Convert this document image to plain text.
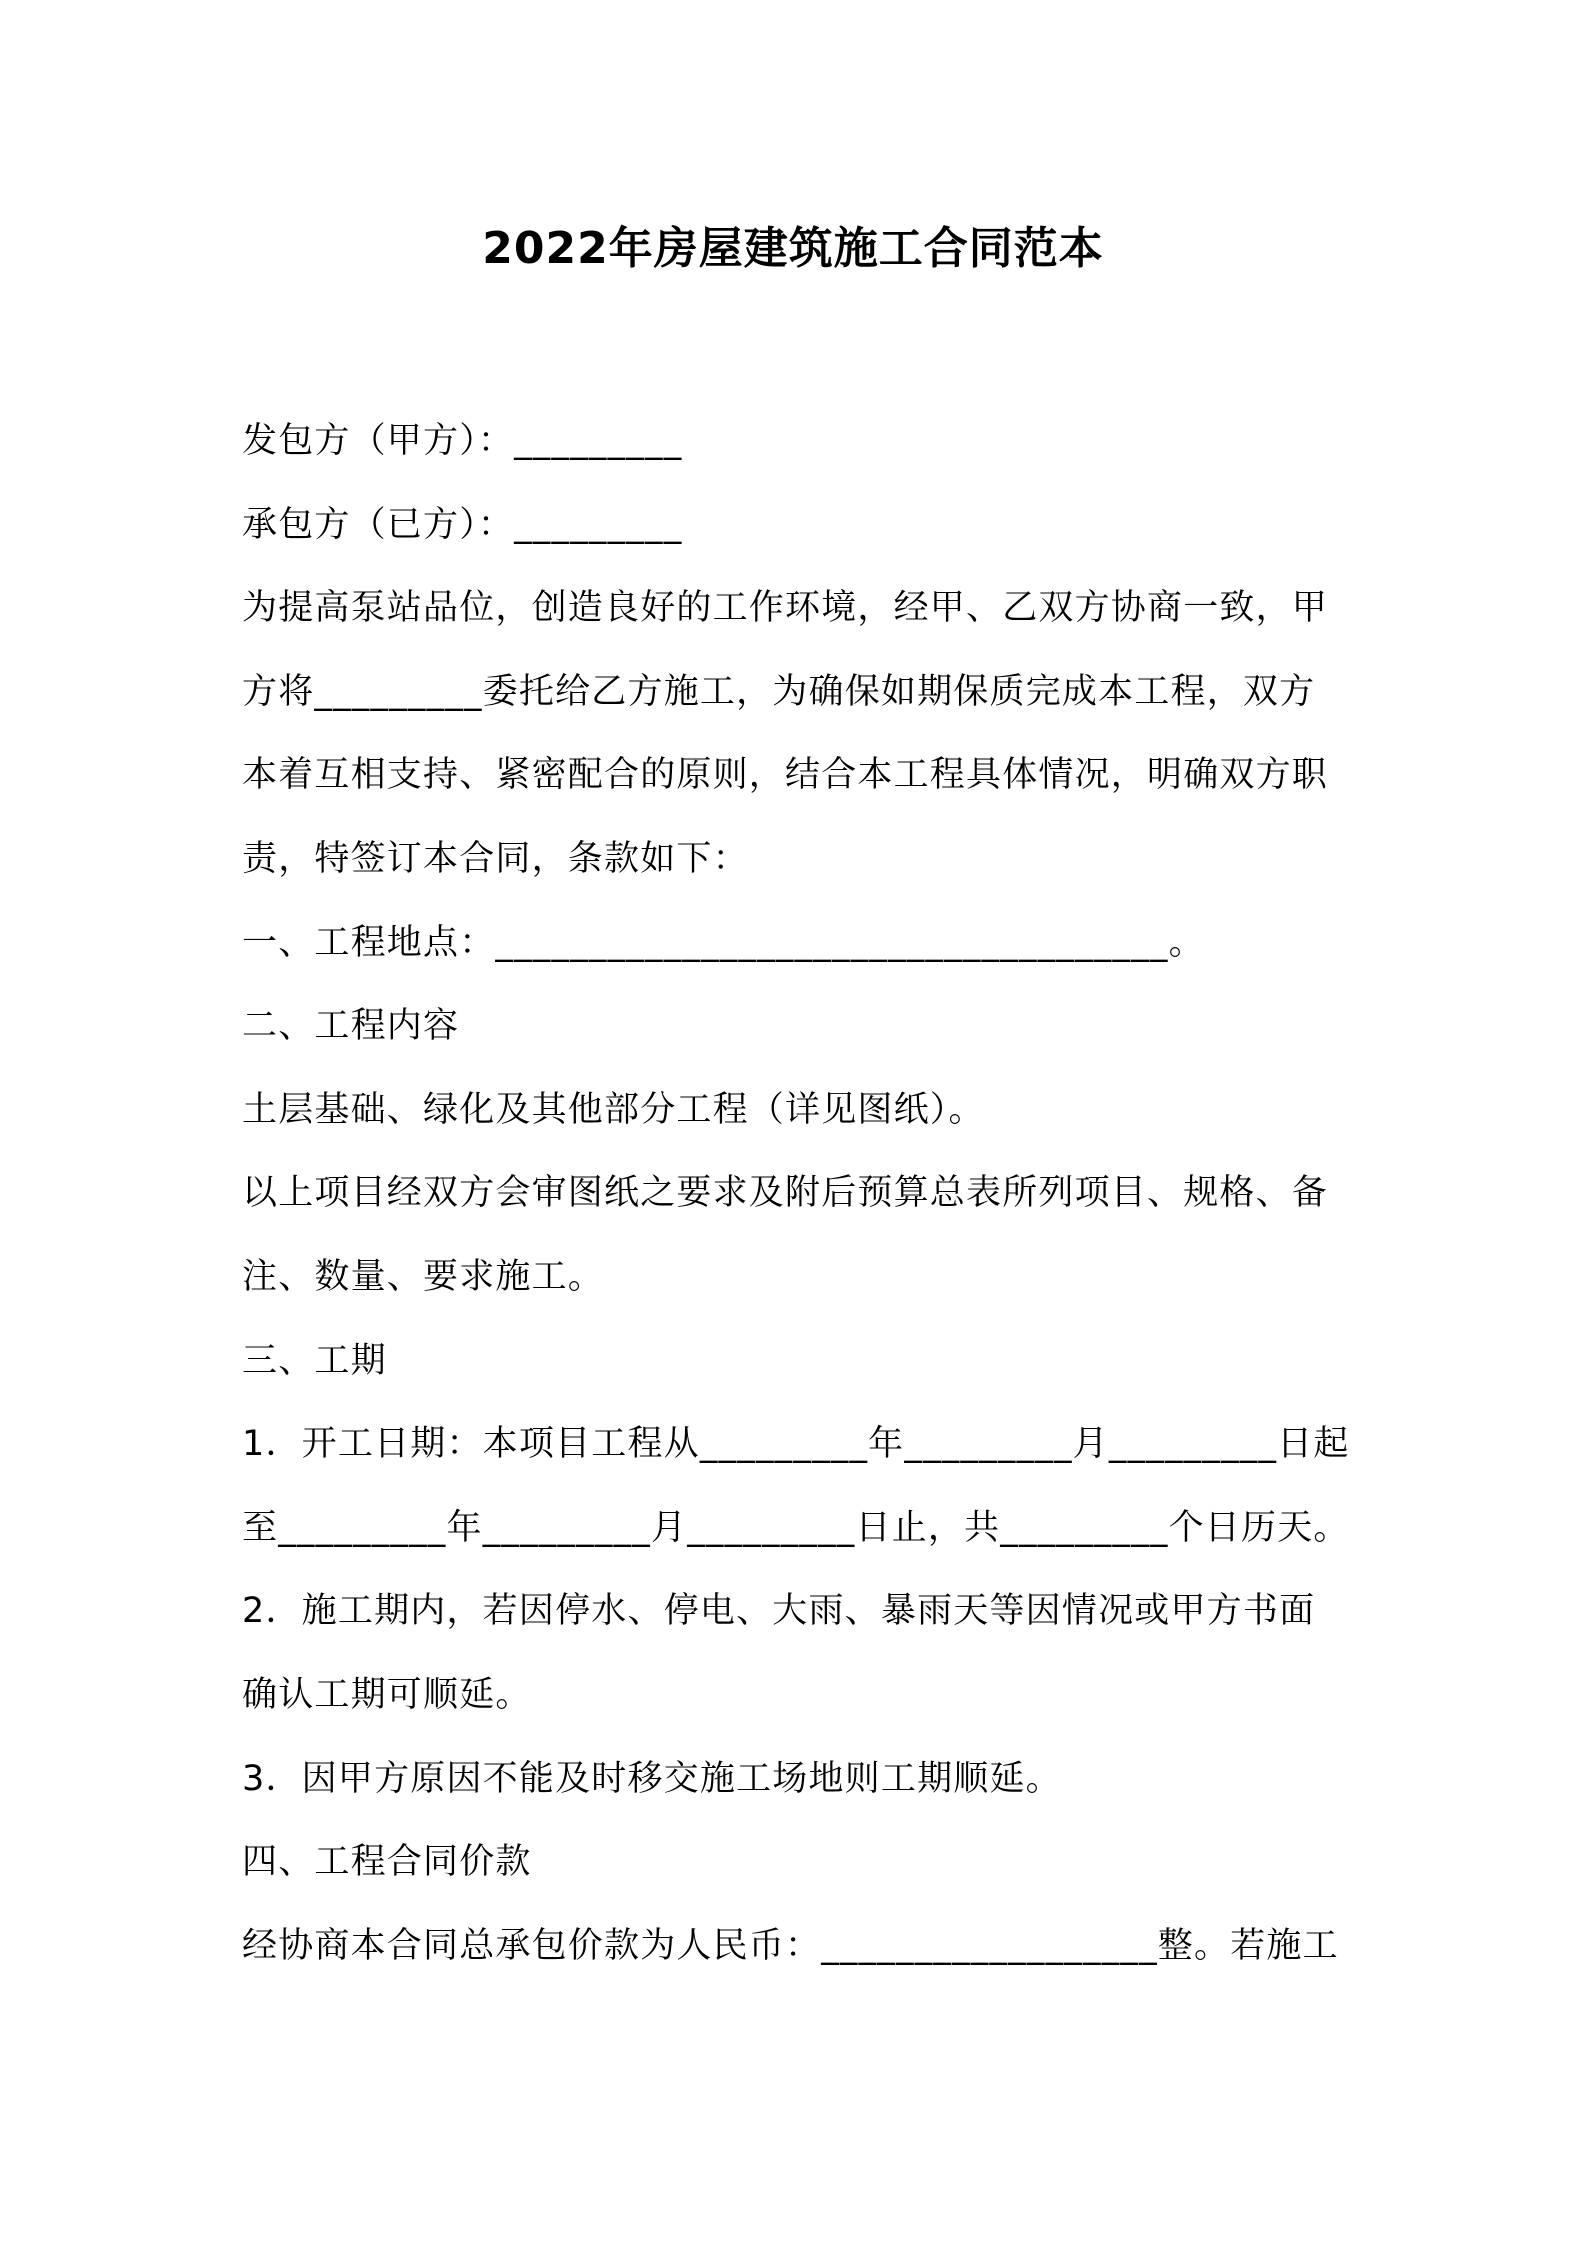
2022年房屋建筑施工合同范本
发包方（甲方）：_________
承包方（已方）：_________
为提高泵站品位，创造良好的工作环境，经甲、乙双方协商一致，甲
方将_________委托给乙方施工，为确保如期保质完成本工程，双方
本着互相支持、紧密配合的原则，结合本工程具体情况，明确双方职
责，特签订本合同，条款如下：
一、工程地点：____________________________________。
二、工程内容
土层基础、绿化及其他部分工程（详见图纸）。
以上项目经双方会审图纸之要求及附后预算总表所列项目、规格、备
注、数量、要求施工。
三、工期
1．开工日期：本项目工程从_________年_________月_________日起
至_________年_________月_________日止，共_________个日历天。
2．施工期内，若因停水、停电、大雨、暴雨天等因情况或甲方书面
确认工期可顺延。
3．因甲方原因不能及时移交施工场地则工期顺延。
四、工程合同价款
经协商本合同总承包价款为人民币：__________________整。若施工
